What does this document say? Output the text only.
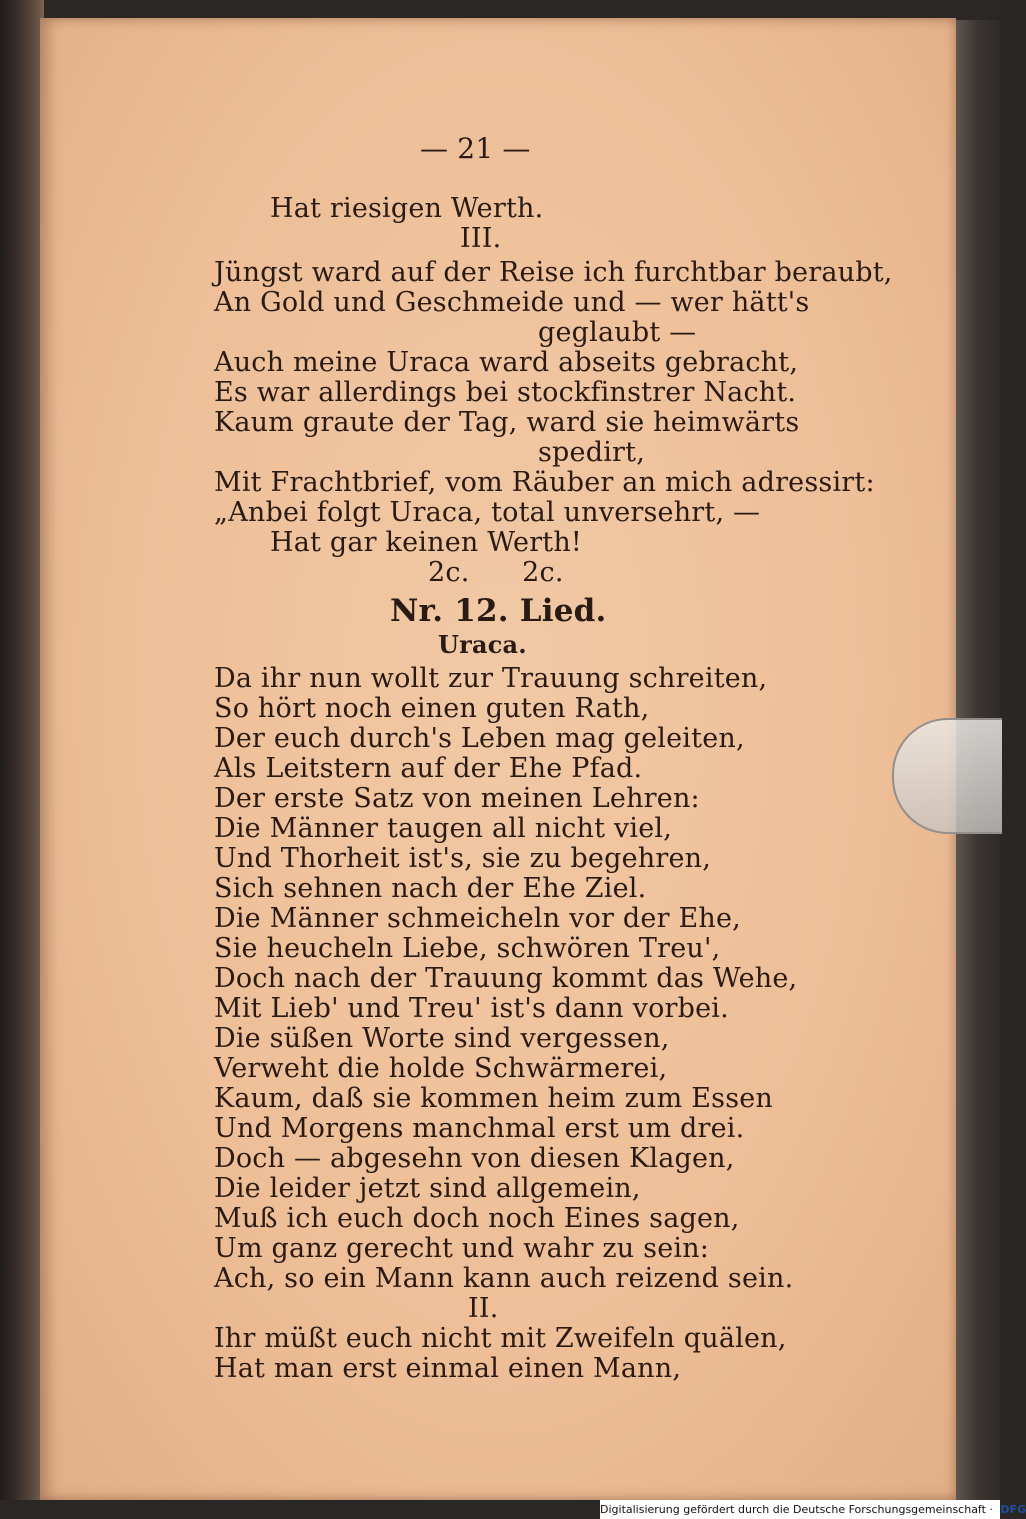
— 21 —
Hat riesigen Werth.
III.
Jüngst ward auf der Reise ich furchtbar beraubt,
An Gold und Geschmeide und — wer hätt's
geglaubt —
Auch meine Uraca ward abseits gebracht,
Es war allerdings bei stockfinstrer Nacht.
Kaum graute der Tag, ward sie heimwärts
spedirt,
Mit Frachtbrief, vom Räuber an mich adressirt:
„Anbei folgt Uraca, total unversehrt, —
Hat gar keinen Werth!
2c.      2c.
Nr. 12. Lied.
Uraca.
Da ihr nun wollt zur Trauung schreiten,
So hört noch einen guten Rath,
Der euch durch's Leben mag geleiten,
Als Leitstern auf der Ehe Pfad.
Der erste Satz von meinen Lehren:
Die Männer taugen all nicht viel,
Und Thorheit ist's, sie zu begehren,
Sich sehnen nach der Ehe Ziel.
Die Männer schmeicheln vor der Ehe,
Sie heucheln Liebe, schwören Treu',
Doch nach der Trauung kommt das Wehe,
Mit Lieb' und Treu' ist's dann vorbei.
Die süßen Worte sind vergessen,
Verweht die holde Schwärmerei,
Kaum, daß sie kommen heim zum Essen
Und Morgens manchmal erst um drei.
Doch — abgesehn von diesen Klagen,
Die leider jetzt sind allgemein,
Muß ich euch doch noch Eines sagen,
Um ganz gerecht und wahr zu sein:
Ach, so ein Mann kann auch reizend sein.
II.
Ihr müßt euch nicht mit Zweifeln quälen,
Hat man erst einmal einen Mann,
Digitalisierung gefördert durch die Deutsche Forschungsgemeinschaft · DFG
